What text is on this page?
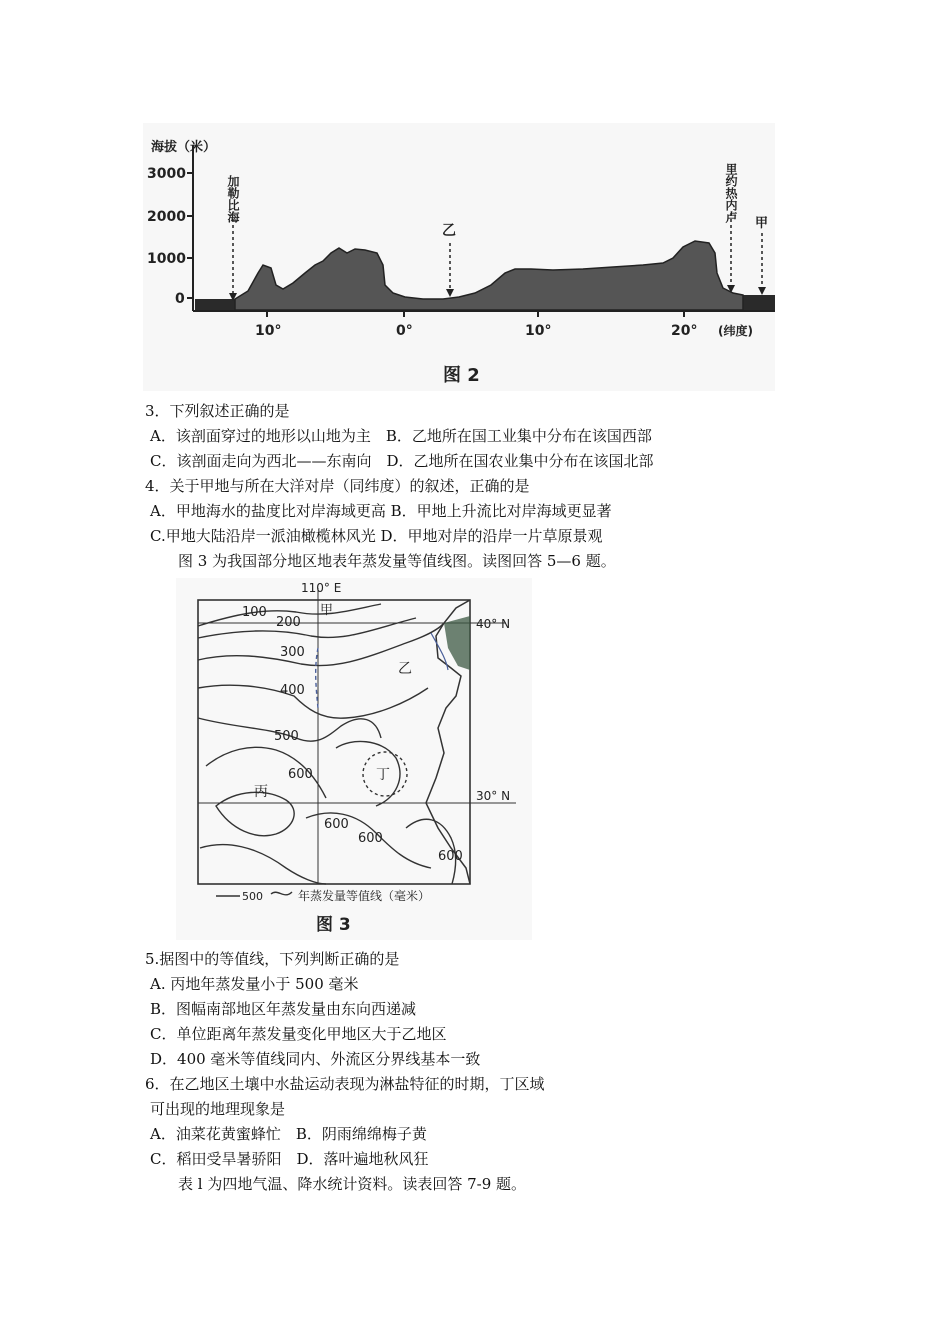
海拔（米）
3000
2000
1000
0
10°	0°	10°	20° (纬度)
加勒比海
乙
里约热内卢
甲
图 2
3．下列叙述正确的是
A．该剖面穿过的地形以山地为主　B．乙地所在国工业集中分布在该国西部
C．该剖面走向为西北——东南向　D．乙地所在国农业集中分布在该国北部
4．关于甲地与所在大洋对岸（同纬度）的叙述，正确的是
A．甲地海水的盐度比对岸海域更高 B．甲地上升流比对岸海域更显著
C.甲地大陆沿岸一派油橄榄林风光 D．甲地对岸的沿岸一片草原景观
图 3 为我国部分地区地表年蒸发量等值线图。读图回答 5—6 题。
110° E
40° N
30° N
100
200
300
400
500
600
600
600
600
甲
乙
丙
丁
500	年蒸发量等值线（毫米）
图 3
5.据图中的等值线，下列判断正确的是
A. 丙地年蒸发量小于 500 毫米
B．图幅南部地区年蒸发量由东向西递减
C．单位距离年蒸发量变化甲地区大于乙地区
D．400 毫米等值线同内、外流区分界线基本一致
6．在乙地区土壤中水盐运动表现为淋盐特征的时期，丁区域
可出现的地理现象是
A．油菜花黄蜜蜂忙　B．阴雨绵绵梅子黄
C．稻田受旱暑骄阳　D．落叶遍地秋风狂
表 l 为四地气温、降水统计资料。读表回答 7-9 题。
